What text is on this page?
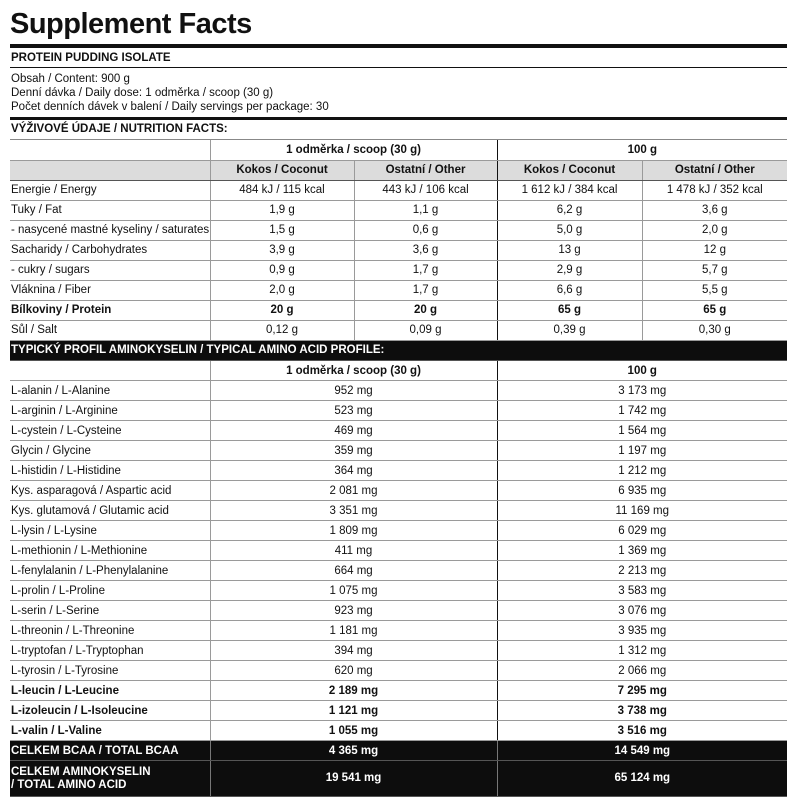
Supplement Facts
PROTEIN PUDDING ISOLATE
Obsah / Content: 900 g
Denní dávka / Daily dose: 1 odměrka / scoop (30 g)
Počet denních dávek v balení / Daily servings per package: 30
VÝŽIVOVÉ ÚDAJE / NUTRITION FACTS:
	1 odměrka / scoop (30 g)		100 g	
	Kokos / Coconut	Ostatní / Other	Kokos / Coconut	Ostatní / Other
Energie / Energy	484 kJ / 115 kcal	443 kJ / 106 kcal	1 612 kJ / 384 kcal	1 478 kJ / 352 kcal
Tuky / Fat	1,9 g	1,1 g	6,2 g	3,6 g
- nasycené mastné kyseliny / saturates	1,5 g	0,6 g	5,0 g	2,0 g
Sacharidy / Carbohydrates	3,9 g	3,6 g	13 g	12 g
- cukry / sugars	0,9 g	1,7 g	2,9 g	5,7 g
Vláknina / Fiber	2,0 g	1,7 g	6,6 g	5,5 g
Bílkoviny / Protein	20 g	20 g	65 g	65 g
Sůl / Salt	0,12 g	0,09 g	0,39 g	0,30 g
TYPICKÝ PROFIL AMINOKYSELIN / TYPICAL AMINO ACID PROFILE:		
	1 odměrka / scoop (30 g)	100 g
L-alanin / L-Alanine	952 mg	3 173 mg
L-arginin / L-Arginine	523 mg	1 742 mg
L-cystein / L-Cysteine	469 mg	1 564 mg
Glycin / Glycine	359 mg	1 197 mg
L-histidin / L-Histidine	364 mg	1 212 mg
Kys. asparagová / Aspartic acid	2 081 mg	6 935 mg
Kys. glutamová / Glutamic acid	3 351 mg	11 169 mg
L-lysin / L-Lysine	1 809 mg	6 029 mg
L-methionin / L-Methionine	411 mg	1 369 mg
L-fenylalanin / L-Phenylalanine	664 mg	2 213 mg
L-prolin / L-Proline	1 075 mg	3 583 mg
L-serin / L-Serine	923 mg	3 076 mg
L-threonin / L-Threonine	1 181 mg	3 935 mg
L-tryptofan / L-Tryptophan	394 mg	1 312 mg
L-tyrosin / L-Tyrosine	620 mg	2 066 mg
L-leucin / L-Leucine	2 189 mg	7 295 mg
L-izoleucin / L-Isoleucine	1 121 mg	3 738 mg
L-valin / L-Valine	1 055 mg	3 516 mg
CELKEM BCAA / TOTAL BCAA	4 365 mg	14 549 mg
CELKEM AMINOKYSELIN
/ TOTAL AMINO ACID	19 541 mg	65 124 mg
